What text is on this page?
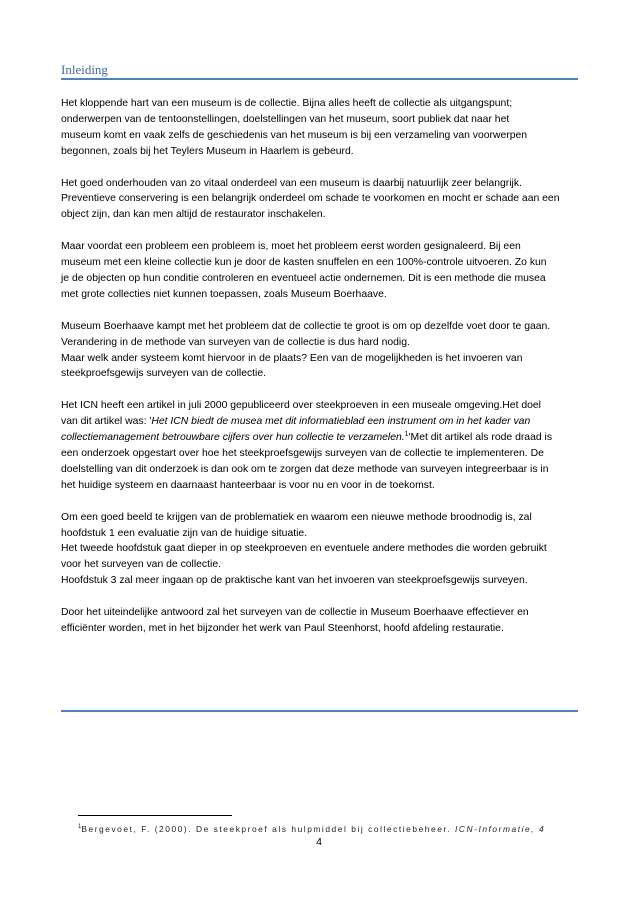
Inleiding
Het kloppende hart van een museum is de collectie. Bijna alles heeft de collectie als uitgangspunt;
onderwerpen van de tentoonstellingen, doelstellingen van het museum, soort publiek dat naar het
museum komt en vaak zelfs de geschiedenis van het museum is bij een verzameling van voorwerpen
begonnen, zoals bij het Teylers Museum in Haarlem is gebeurd.
Het goed onderhouden van zo vitaal onderdeel van een museum is daarbij natuurlijk zeer belangrijk.
Preventieve conservering is een belangrijk onderdeel om schade te voorkomen en mocht er schade aan een
object zijn, dan kan men altijd de restaurator inschakelen.
Maar voordat een probleem een probleem is, moet het probleem eerst worden gesignaleerd. Bij een
museum met een kleine collectie kun je door de kasten snuffelen en een 100%-controle uitvoeren. Zo kun
je de objecten op hun conditie controleren en eventueel actie ondernemen. Dit is een methode die musea
met grote collecties niet kunnen toepassen, zoals Museum Boerhaave.
Museum Boerhaave kampt met het probleem dat de collectie te groot is om op dezelfde voet door te gaan.
Verandering in de methode van surveyen van de collectie is dus hard nodig.
Maar welk ander systeem komt hiervoor in de plaats? Een van de mogelijkheden is het invoeren van
steekproefsgewijs surveyen van de collectie.
Het ICN heeft een artikel in juli 2000 gepubliceerd over steekproeven in een museale omgeving.Het doel
van dit artikel was: 'Het ICN biedt de musea met dit informatieblad een instrument om in het kader van
collectiemanagement betrouwbare cijfers over hun collectie te verzamelen.$^1$'Met dit artikel als rode draad is
een onderzoek opgestart over hoe het steekproefsgewijs surveyen van de collectie te implementeren. De
doelstelling van dit onderzoek is dan ook om te zorgen dat deze methode van surveyen integreerbaar is in
het huidige systeem en daarnaast hanteerbaar is voor nu en voor in de toekomst.
Om een goed beeld te krijgen van de problematiek en waarom een nieuwe methode broodnodig is, zal
hoofdstuk 1 een evaluatie zijn van de huidige situatie.
Het tweede hoofdstuk gaat dieper in op steekproeven en eventuele andere methodes die worden gebruikt
voor het surveyen van de collectie.
Hoofdstuk 3 zal meer ingaan op de praktische kant van het invoeren van steekproefsgewijs surveyen.
Door het uiteindelijke antwoord zal het surveyen van de collectie in Museum Boerhaave effectiever en
efficiënter worden, met in het bijzonder het werk van Paul Steenhorst, hoofd afdeling restauratie.
$^1$Bergevoet, F. (2000). De steekproef als hulpmiddel bij collectiebeheer. ICN-Informatie, 4
4
